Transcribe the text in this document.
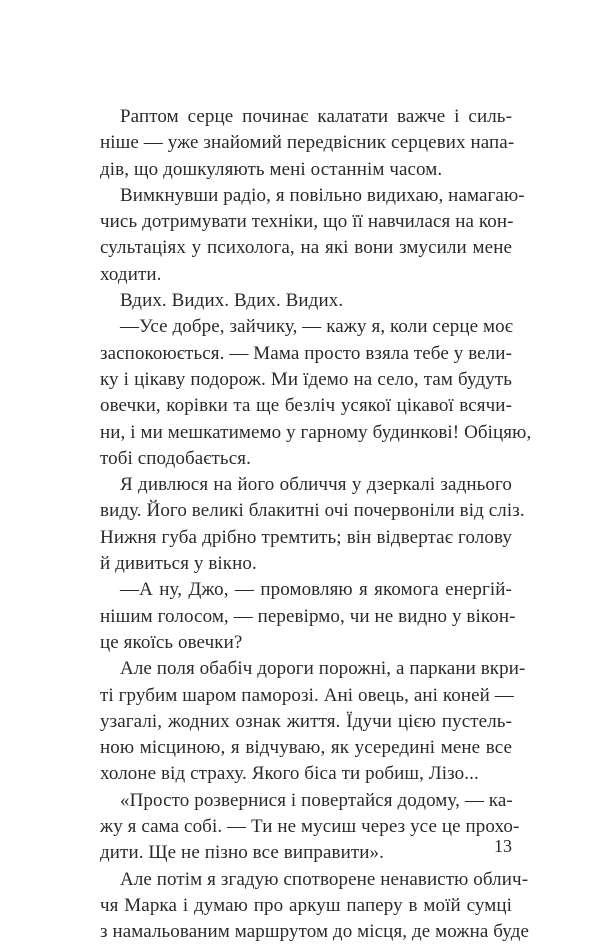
Раптом серце починає калатати важче і силь-
ніше — уже знайомий передвісник серцевих напа-
дів, що дошкуляють мені останнім часом.
Вимкнувши радіо, я повільно видихаю, намагаю-
чись дотримувати техніки, що її навчилася на кон-
сультаціях у психолога, на які вони змусили мене
ходити.
Вдих. Видих. Вдих. Видих.
—Усе добре, зайчику, — кажу я, коли серце моє
заспокоюється. — Мама просто взяла тебе у вели-
ку і цікаву подорож. Ми їдемо на село, там будуть
овечки, корівки та ще безліч усякої цікавої всячи-
ни, і ми мешкатимемо у гарному будинкові! Обіцяю,
тобі сподобається.
Я дивлюся на його обличчя у дзеркалі заднього
виду. Його великі блакитні очі почервоніли від сліз.
Нижня губа дрібно тремтить; він відвертає голову
й дивиться у вікно.
—А ну, Джо, — промовляю я якомога енергій-
нішим голосом, — перевірмо, чи не видно у вікон-
це якоїсь овечки?
Але поля обабіч дороги порожні, а паркани вкри-
ті грубим шаром паморозі. Ані овець, ані коней —
узагалі, жодних ознак життя. Їдучи цією пустель-
ною місциною, я відчуваю, як усередині мене все
холоне від страху. Якого біса ти робиш, Лізо...
«Просто розвернися і повертайся додому, — ка-
жу я сама собі. — Ти не мусиш через усе це прохо-
дити. Ще не пізно все виправити».
Але потім я згадую спотворене ненавистю облич-
чя Марка і думаю про аркуш паперу в моїй сумці
з намальованим маршрутом до місця, де можна буде
13
